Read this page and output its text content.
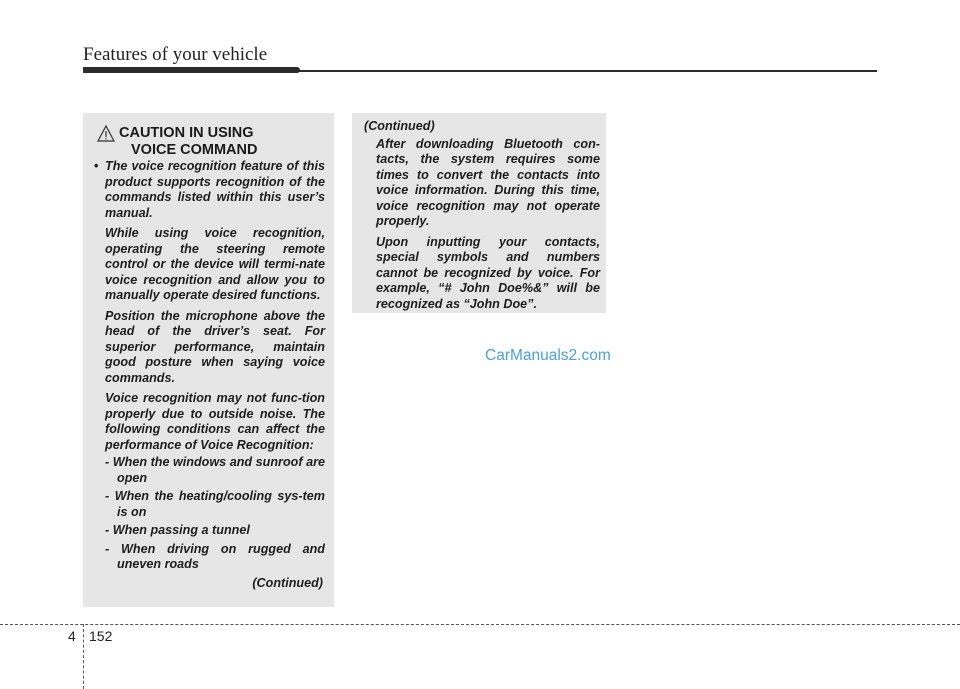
Features of your vehicle
CAUTION IN USING
VOICE COMMAND

• The voice recognition feature of this product supports recognition of the commands listed within this user’s manual.

While using voice recognition, operating the steering remote control or the device will termi-nate voice recognition and allow you to manually operate desired functions.

Position the microphone above the head of the driver’s seat. For superior performance, maintain good posture when saying voice commands.

Voice recognition may not func-tion properly due to outside noise. The following conditions can affect the performance of Voice Recognition:

- When the windows and sunroof are open
- When the heating/cooling sys-tem is on
- When passing a tunnel
- When driving on rugged and uneven roads
(Continued)
(Continued)

After downloading Bluetooth con-tacts, the system requires some times to convert the contacts into voice information. During this time, voice recognition may not operate properly.

Upon inputting your contacts, special symbols and numbers cannot be recognized by voice. For example, “# John Doe%&” will be recognized as “John Doe”.

CarManuals2.com
4 152
